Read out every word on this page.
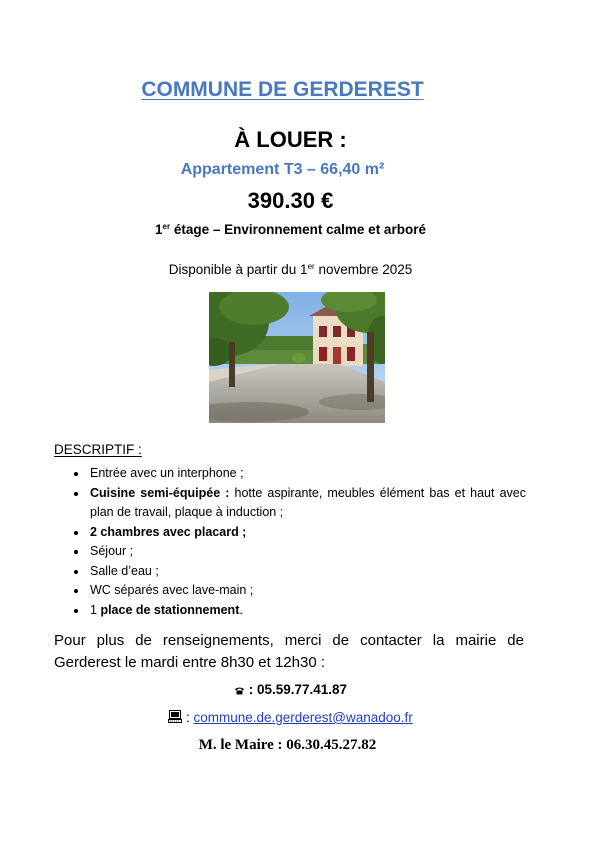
COMMUNE DE GERDEREST
À LOUER :
Appartement T3 – 66,40 m²
390.30 €
1er étage – Environnement calme et arboré
Disponible à partir du 1er novembre 2025
DESCRIPTIF :
Entrée avec un interphone ;
Cuisine semi-équipée : hotte aspirante, meubles élément bas et haut avec plan de travail, plaque à induction ;
2 chambres avec placard ;
Séjour ;
Salle d’eau ;
WC séparés avec lave-main ;
1 place de stationnement.
Pour plus de renseignements, merci de contacter la mairie de
Gerderest le mardi entre 8h30 et 12h30 :
: 05.59.77.41.87
: commune.de.gerderest@wanadoo.fr
M. le Maire : 06.30.45.27.82
